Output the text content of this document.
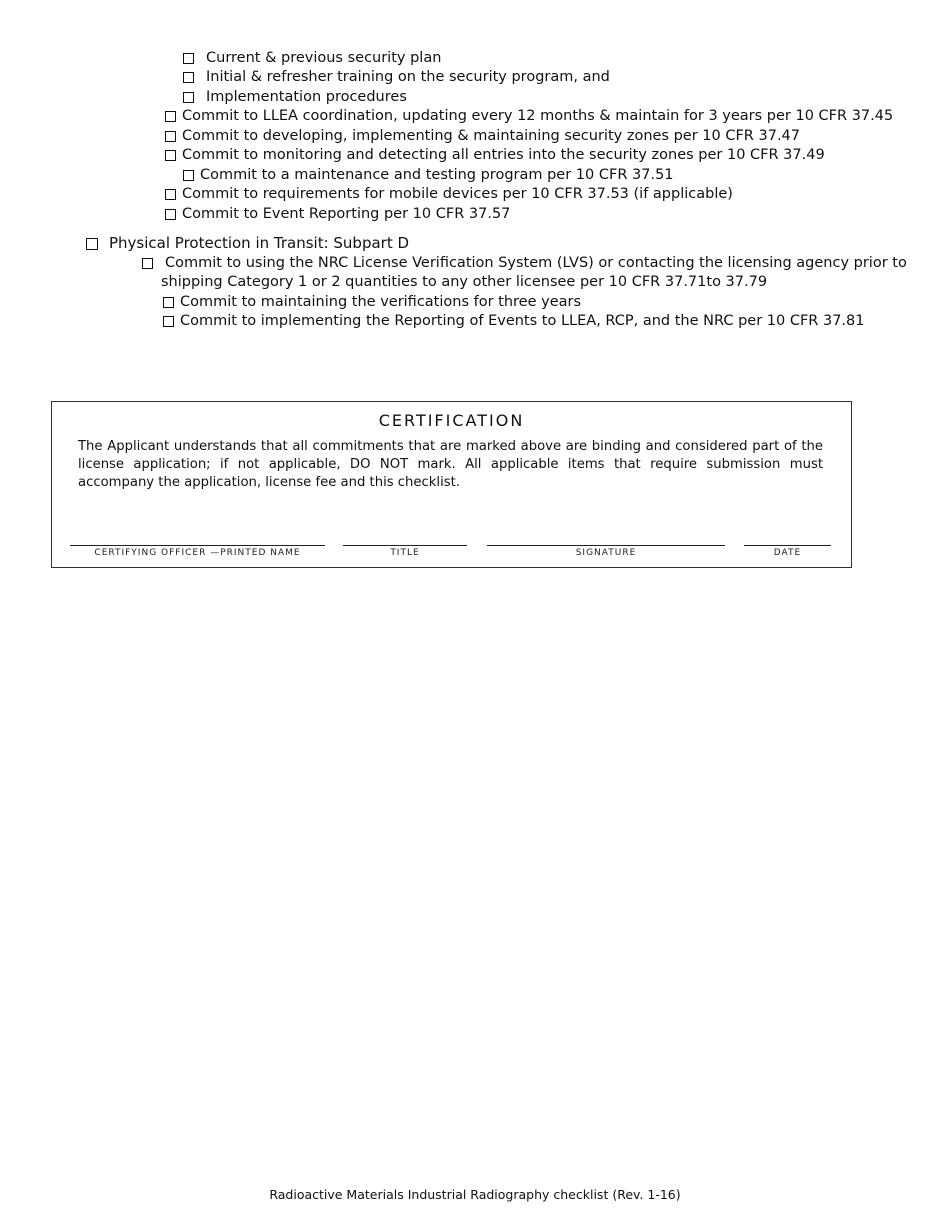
Current & previous security plan
Initial & refresher training on the security program, and
Implementation procedures
Commit to LLEA coordination, updating every 12 months & maintain for 3 years per 10 CFR 37.45
Commit to developing, implementing & maintaining security zones per 10 CFR 37.47
Commit to monitoring and detecting all entries into the security zones per 10 CFR 37.49
Commit to a maintenance and testing program per 10 CFR 37.51
Commit to requirements for mobile devices per 10 CFR 37.53 (if applicable)
Commit to Event Reporting per 10 CFR 37.57
Physical Protection in Transit: Subpart D
Commit to using the NRC License Verification System (LVS) or contacting the licensing agency prior to
shipping Category 1 or 2 quantities to any other licensee per 10 CFR 37.71to 37.79
Commit to maintaining the verifications for three years
Commit to implementing the Reporting of Events to LLEA, RCP, and the NRC per 10 CFR 37.81
CERTIFICATION
The Applicant understands that all commitments that are marked above are binding and considered part of the license application; if not applicable, DO NOT mark. All applicable items that require submission must accompany the application, license fee and this checklist.
CERTIFYING OFFICER —PRINTED NAME	TITLE	SIGNATURE	DATE
Radioactive Materials Industrial Radiography checklist (Rev. 1-16)
